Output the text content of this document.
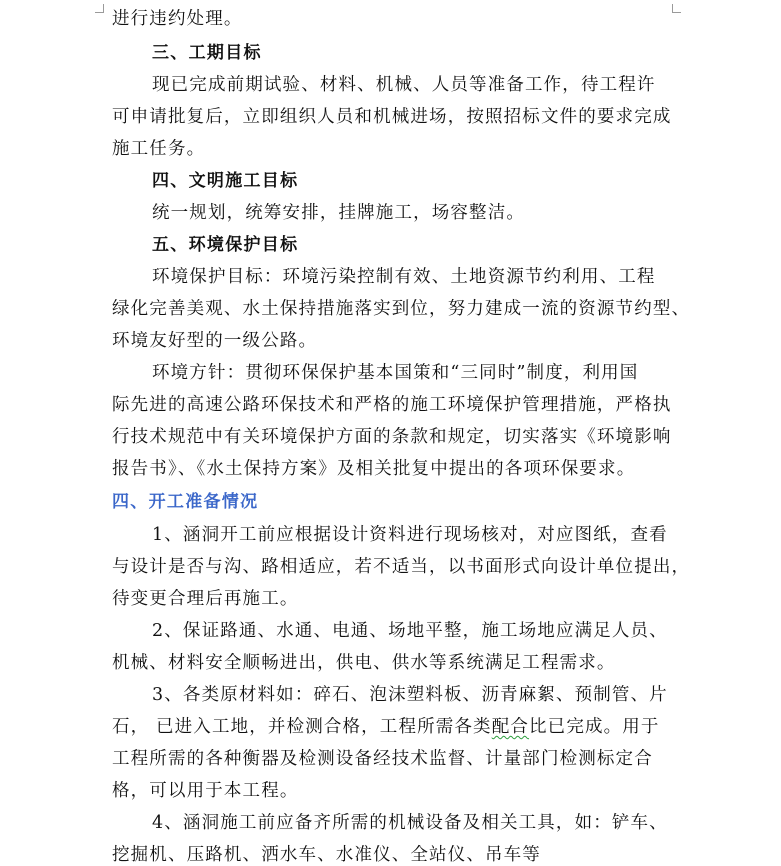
进行违约处理。
三、工期目标
现已完成前期试验、材料、机械、人员等准备工作，待工程许
可申请批复后，立即组织人员和机械进场，按照招标文件的要求完成
施工任务。
四、文明施工目标
统一规划，统筹安排，挂牌施工，场容整洁。
五、环境保护目标
环境保护目标：环境污染控制有效、土地资源节约利用、工程
绿化完善美观、水土保持措施落实到位，努力建成一流的资源节约型、
环境友好型的一级公路。
环境方针：贯彻环保保护基本国策和“三同时”制度，利用国
际先进的高速公路环保技术和严格的施工环境保护管理措施，严格执
行技术规范中有关环境保护方面的条款和规定，切实落实《环境影响
报告书》、《水土保持方案》及相关批复中提出的各项环保要求。
四、开工准备情况
1、涵洞开工前应根据设计资料进行现场核对，对应图纸，查看
与设计是否与沟、路相适应，若不适当，以书面形式向设计单位提出，
待变更合理后再施工。
2、保证路通、水通、电通、场地平整，施工场地应满足人员、
机械、材料安全顺畅进出，供电、供水等系统满足工程需求。
3、各类原材料如：碎石、泡沫塑料板、沥青麻絮、预制管、片
石， 已进入工地，并检测合格，工程所需各类配合比已完成。用于
工程所需的各种衡器及检测设备经技术监督、计量部门检测标定合
格，可以用于本工程。
4、涵洞施工前应备齐所需的机械设备及相关工具，如：铲车、
挖掘机、压路机、洒水车、水准仪、全站仪、吊车等
